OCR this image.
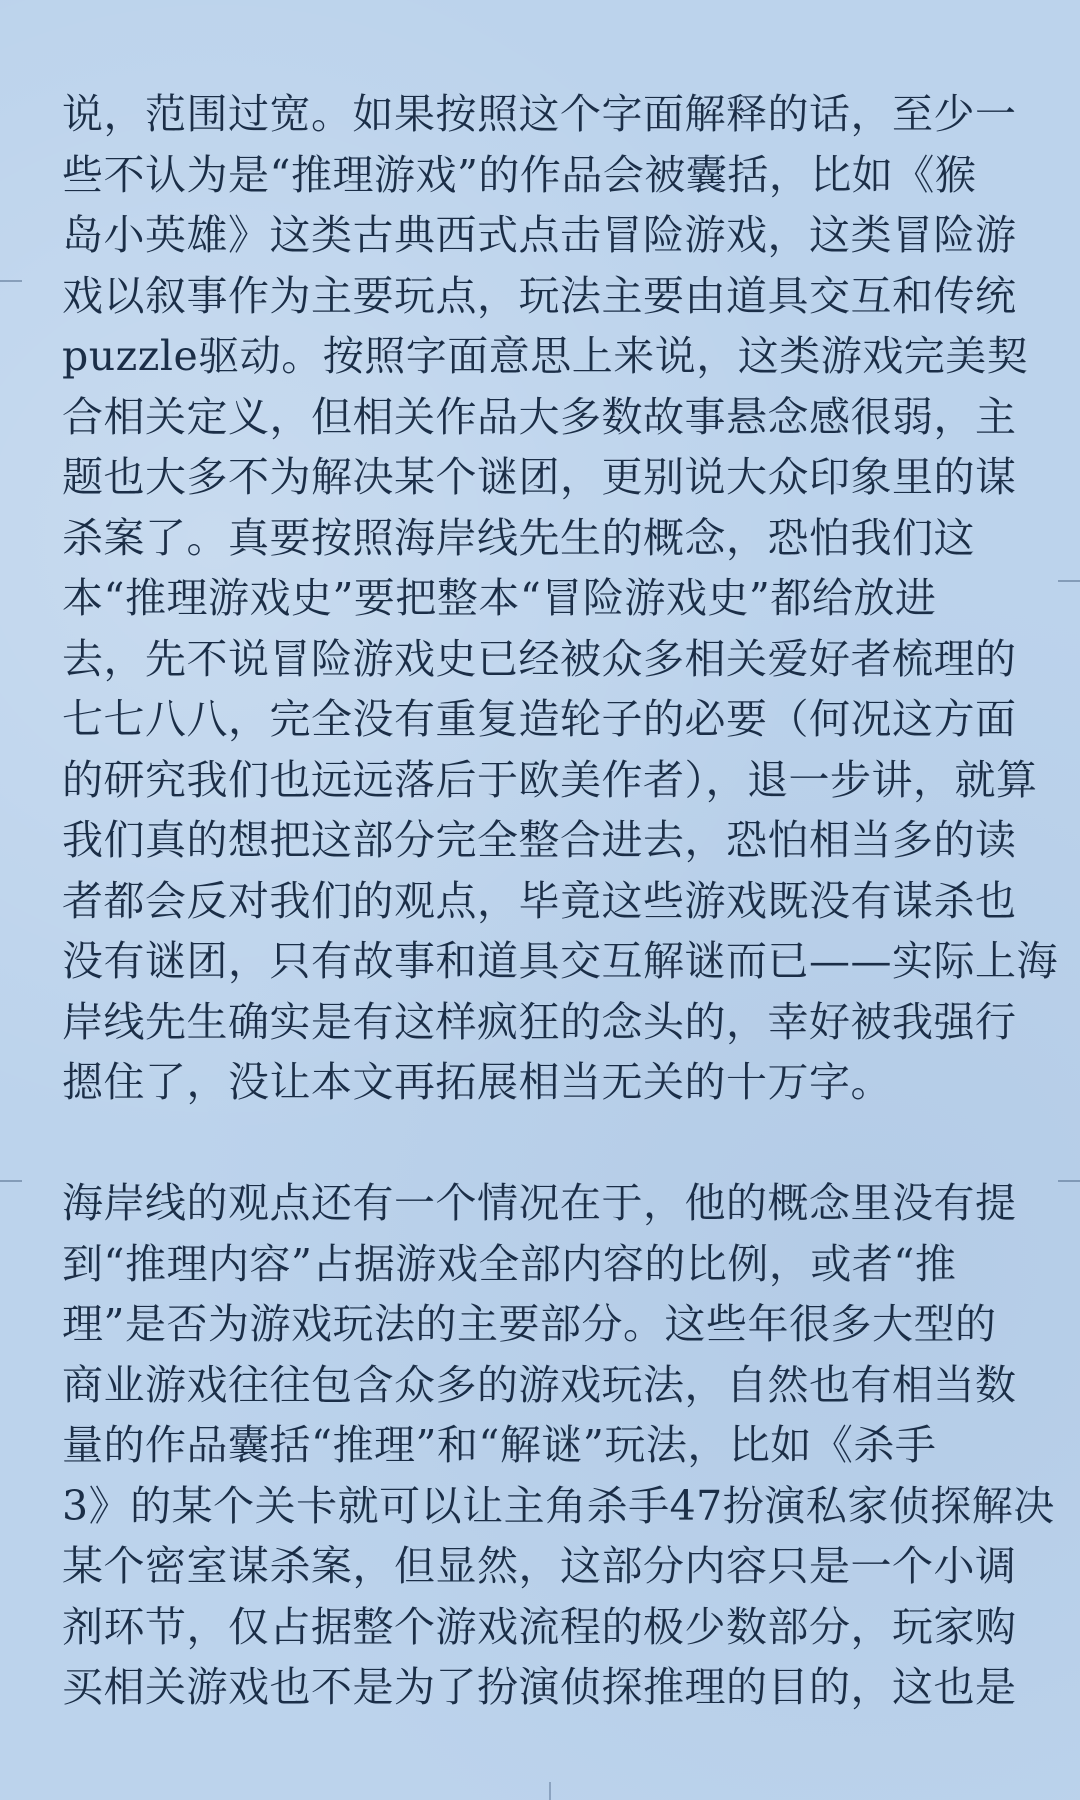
说，范围过宽。如果按照这个字面解释的话，至少一
些不认为是“推理游戏”的作品会被囊括，比如《猴
岛小英雄》这类古典西式点击冒险游戏，这类冒险游
戏以叙事作为主要玩点，玩法主要由道具交互和传统
puzzle驱动。按照字面意思上来说，这类游戏完美契
合相关定义，但相关作品大多数故事悬念感很弱，主
题也大多不为解决某个谜团，更别说大众印象里的谋
杀案了。真要按照海岸线先生的概念，恐怕我们这
本“推理游戏史”要把整本“冒险游戏史”都给放进
去，先不说冒险游戏史已经被众多相关爱好者梳理的
七七八八，完全没有重复造轮子的必要（何况这方面
的研究我们也远远落后于欧美作者），退一步讲，就算
我们真的想把这部分完全整合进去，恐怕相当多的读
者都会反对我们的观点，毕竟这些游戏既没有谋杀也
没有谜团，只有故事和道具交互解谜而已——实际上海
岸线先生确实是有这样疯狂的念头的，幸好被我强行
摁住了，没让本文再拓展相当无关的十万字。

海岸线的观点还有一个情况在于，他的概念里没有提
到“推理内容”占据游戏全部内容的比例，或者“推
理”是否为游戏玩法的主要部分。这些年很多大型的
商业游戏往往包含众多的游戏玩法，自然也有相当数
量的作品囊括“推理”和“解谜”玩法，比如《杀手
3》的某个关卡就可以让主角杀手47扮演私家侦探解决
某个密室谋杀案，但显然，这部分内容只是一个小调
剂环节，仅占据整个游戏流程的极少数部分，玩家购
买相关游戏也不是为了扮演侦探推理的目的，这也是
